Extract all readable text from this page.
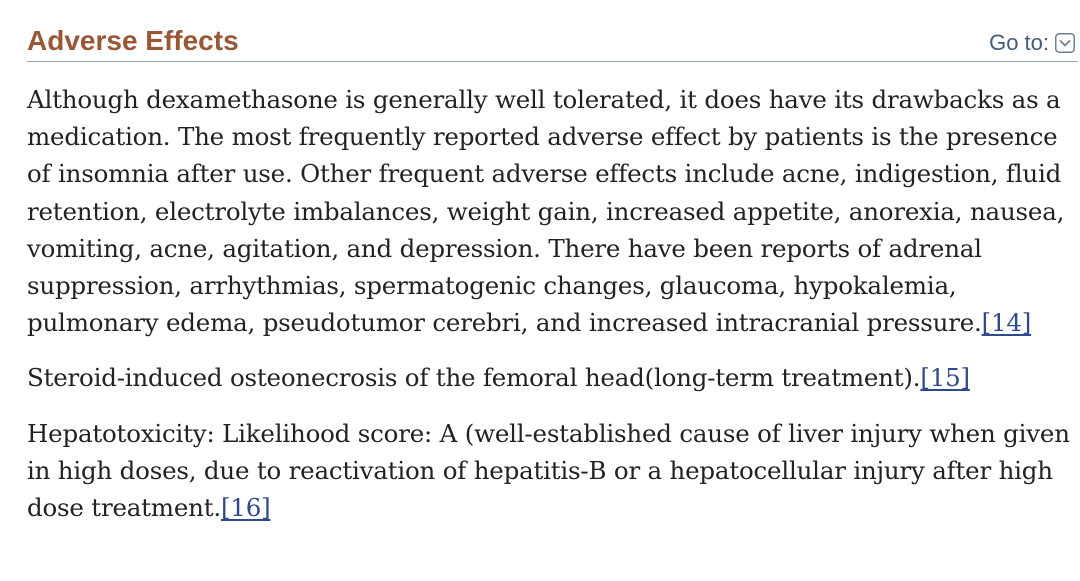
Adverse Effects	Go to:

Although dexamethasone is generally well tolerated, it does have its drawbacks as a medication. The most frequently reported adverse effect by patients is the presence of insomnia after use. Other frequent adverse effects include acne, indigestion, fluid retention, electrolyte imbalances, weight gain, increased appetite, anorexia, nausea, vomiting, acne, agitation, and depression. There have been reports of adrenal suppression, arrhythmias, spermatogenic changes, glaucoma, hypokalemia, pulmonary edema, pseudotumor cerebri, and increased intracranial pressure.[14]

Steroid-induced osteonecrosis of the femoral head(long-term treatment).[15]

Hepatotoxicity: Likelihood score: A (well-established cause of liver injury when given in high doses, due to reactivation of hepatitis-B or a hepatocellular injury after high dose treatment.[16]
